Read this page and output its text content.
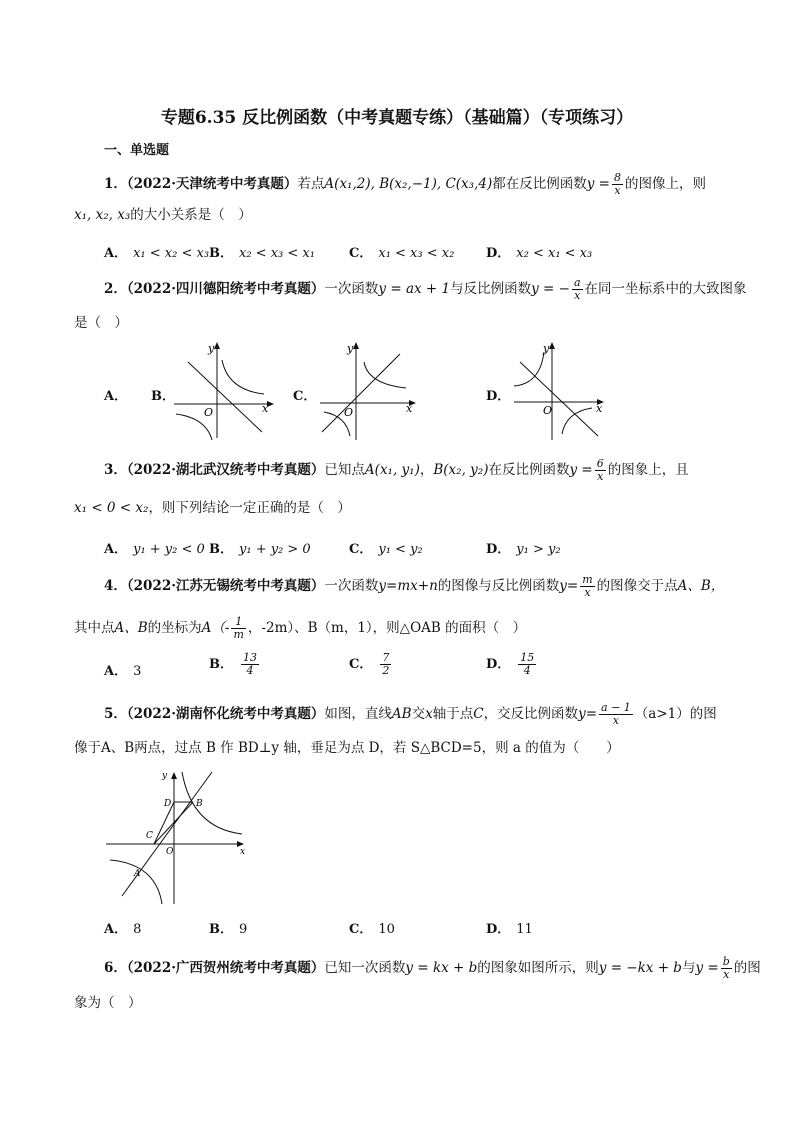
专题6.35 反比例函数（中考真题专练）（基础篇）（专项练习）
一、单选题
1．（2022·天津统考中考真题）若点A(x₁,2), B(x₂,−1), C(x₃,4)都在反比例函数$y = \frac{8}{x}$ 的图像上，则
x₁, x₂, x₃的大小关系是（　）
A． x₁ < x₂ < x₃ B． x₂ < x₃ < x₁	C． x₁ < x₃ < x₂ D． x₂ < x₁ < x₃
2．（2022·四川德阳统考中考真题）一次函数y = ax + 1与反比例函数y = − $\frac{a}{x}$ 在同一坐标系中的大致图象
是（　）
A．	B．	C．	D．
y
x
O
y
x
O
y
x
O
3．（2022·湖北武汉统考中考真题）已知点A(x₁, y₁)，B(x₂, y₂)在反比例函数$y = \frac{6}{x}$ 的图象上，且
x₁ < 0 < x₂，则下列结论一定正确的是（　）
A． y₁ + y₂ < 0 B． y₁ + y₂ > 0	C． y₁ < y₂	D． y₁ > y₂
4．（2022·江苏无锡统考中考真题）一次函数y=mx+n的图像与反比例函数$y= \frac{m}{x}$ 的图像交于点A、B，
其中点A、B的坐标为$A(- \frac{1}{m}$ ，-2m）、B（m，1），则△OAB 的面积（　）
A． 3	B． $\frac{13}{4}$	C． $\frac{7}{2}$	D． $\frac{15}{4}$
5．（2022·湖南怀化统考中考真题）如图，直线AB交x轴于点C，交反比例函数$y= \frac{a - 1}{x} (a>1)$的图
像于A、B两点，过点 B 作 BD⊥y 轴，垂足为点 D，若 S△BCD=5，则 a 的值为（　　）
y
x
D	B
C
O
A
A． 8	B． 9	C． 10	D． 11
6．（2022·广西贺州统考中考真题）已知一次函数y = kx + b的图象如图所示，则y = −kx + b与$y = \frac{b}{x}$ 的图
象为（　）
